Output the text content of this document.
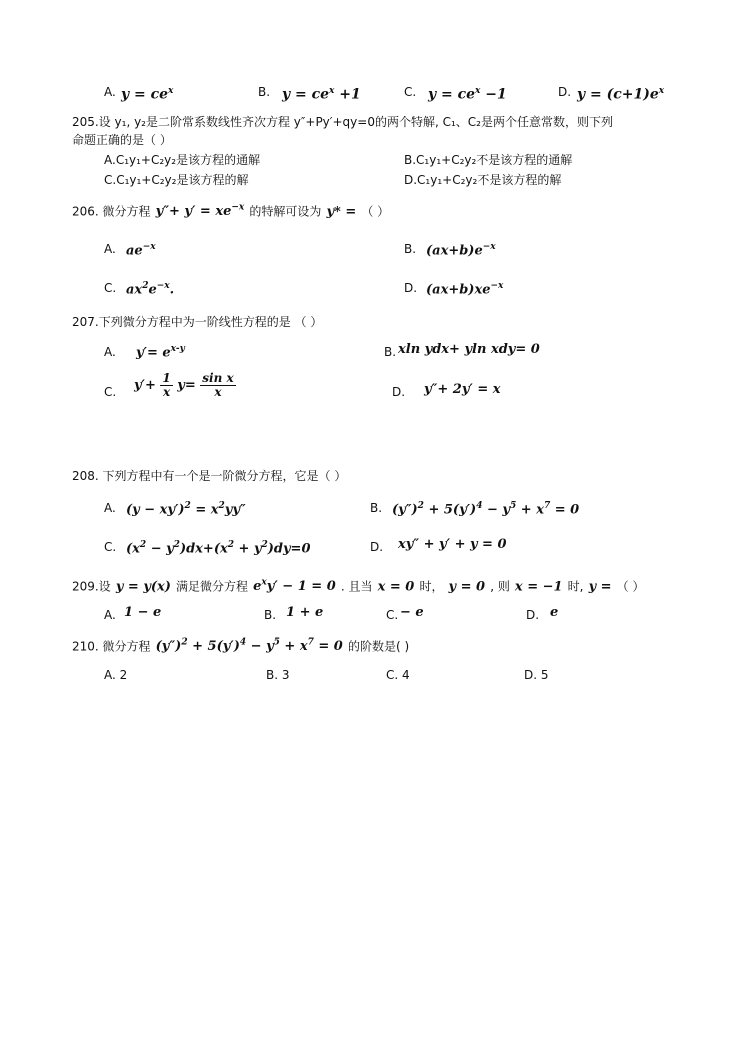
A. $y = ce^x$	B. $y = ce^x +1$	C. $y = ce^x -1$	D. $y = (c+1)e^x$
205.设 y₁, y₂是二阶常系数线性齐次方程 y″+Py′+qy=0的两个特解, C₁、C₂是两个任意常数，则下列
命题正确的是（ ）
A.C₁y₁+C₂y₂是该方程的通解	B.C₁y₁+C₂y₂不是该方程的通解
C.C₁y₁+C₂y₂是该方程的解	D.C₁y₁+C₂y₂不是该方程的解
206. 微分方程 $y''+ y' = xe^{-x}$ 的特解可设为 y* = （ ）
A. $ae^{-x}$	B. $(ax+b)e^{-x}$
C. $ax^2e^{-x}$.	D. $(ax+b)xe^{-x}$
207.下列微分方程中为一阶线性方程的是 （ ）
A. $y'= e^{x-y}$	B. xln ydx+ yln xdy= 0
C. $y'+ \frac{1}{x} y= \frac{\text{sin x}}{x}$	D. y″+ 2y′ = x
208. 下列方程中有一个是一阶微分方程，它是（ ）
A. $(y - xy')^2 = x^2yy''$	B. $(y'')^2 + 5(y')^4 - y^5 + x^7 = 0$
C. $(x^2 - y^2)dx+(x^2 + y^2)dy=0$	D. xy″ + y′ + y = 0
209.设 y = y(x) 满足微分方程 $e^xy' - 1 = 0$ . 且当 x = 0 时， y = 0 , 则 x = −1 时, y = （ ）
A. 1 − e	B. 1 + e	C. − e	D. e
210. 微分方程 $(y'')^2 + 5(y')^4 - y^5 + x^7 = 0$ 的阶数是( )
A. 2	B. 3	C. 4	D. 5
